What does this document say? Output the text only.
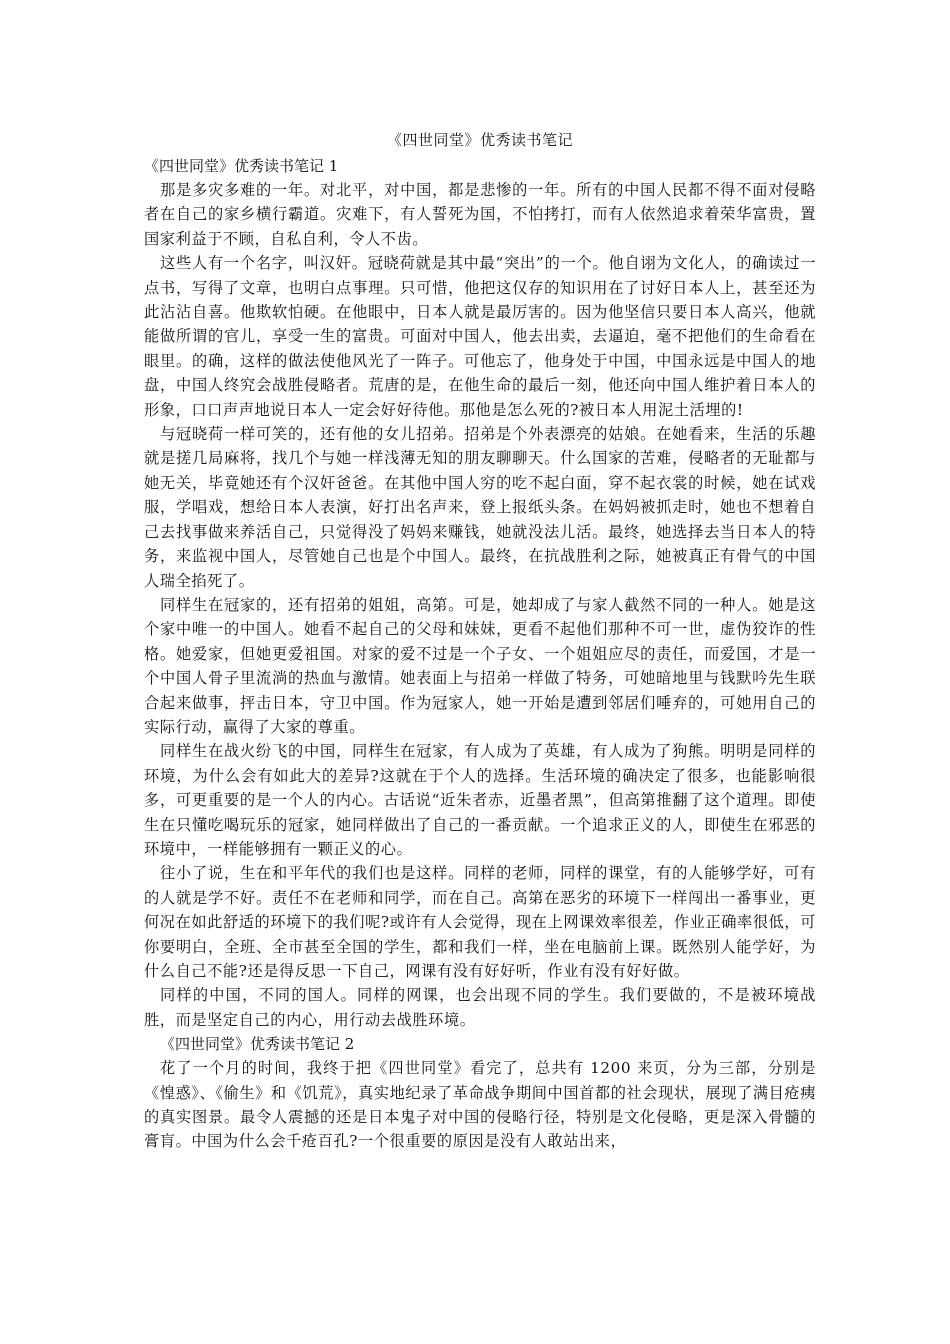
《四世同堂》优秀读书笔记
《四世同堂》优秀读书笔记 1

那是多灾多难的一年。对北平，对中国，都是悲惨的一年。所有的中国人民都不得不面对侵略者在自己的家乡横行霸道。灾难下，有人誓死为国，不怕拷打，而有人依然追求着荣华富贵，置国家利益于不顾，自私自利，令人不齿。

这些人有一个名字，叫汉奸。冠晓荷就是其中最“突出”的一个。他自诩为文化人，的确读过一点书，写得了文章，也明白点事理。只可惜，他把这仅存的知识用在了讨好日本人上，甚至还为此沾沾自喜。他欺软怕硬。在他眼中，日本人就是最厉害的。因为他坚信只要日本人高兴，他就能做所谓的官儿，享受一生的富贵。可面对中国人，他去出卖，去逼迫，毫不把他们的生命看在眼里。的确，这样的做法使他风光了一阵子。可他忘了，他身处于中国，中国永远是中国人的地盘，中国人终究会战胜侵略者。荒唐的是，在他生命的最后一刻，他还向中国人维护着日本人的形象，口口声声地说日本人一定会好好待他。那他是怎么死的?被日本人用泥土活埋的!

与冠晓荷一样可笑的，还有他的女儿招弟。招弟是个外表漂亮的姑娘。在她看来，生活的乐趣就是搓几局麻将，找几个与她一样浅薄无知的朋友聊聊天。什么国家的苦难，侵略者的无耻都与她无关，毕竟她还有个汉奸爸爸。在其他中国人穷的吃不起白面，穿不起衣裳的时候，她在试戏服，学唱戏，想给日本人表演，好打出名声来，登上报纸头条。在妈妈被抓走时，她也不想着自己去找事做来养活自己，只觉得没了妈妈来赚钱，她就没法儿活。最终，她选择去当日本人的特务，来监视中国人，尽管她自己也是个中国人。最终，在抗战胜利之际，她被真正有骨气的中国人瑞全掐死了。

同样生在冠家的，还有招弟的姐姐，高第。可是，她却成了与家人截然不同的一种人。她是这个家中唯一的中国人。她看不起自己的父母和妹妹，更看不起他们那种不可一世，虚伪狡诈的性格。她爱家，但她更爱祖国。对家的爱不过是一个子女、一个姐姐应尽的责任，而爱国，才是一个中国人骨子里流淌的热血与激情。她表面上与招弟一样做了特务，可她暗地里与钱默吟先生联合起来做事，抨击日本，守卫中国。作为冠家人，她一开始是遭到邻居们唾弃的，可她用自己的实际行动，赢得了大家的尊重。

同样生在战火纷飞的中国，同样生在冠家，有人成为了英雄，有人成为了狗熊。明明是同样的环境，为什么会有如此大的差异?这就在于个人的选择。生活环境的确决定了很多，也能影响很多，可更重要的是一个人的内心。古话说“近朱者赤，近墨者黑”，但高第推翻了这个道理。即使生在只懂吃喝玩乐的冠家，她同样做出了自己的一番贡献。一个追求正义的人，即使生在邪恶的环境中，一样能够拥有一颗正义的心。

往小了说，生在和平年代的我们也是这样。同样的老师，同样的课堂，有的人能够学好，可有的人就是学不好。责任不在老师和同学，而在自己。高第在恶劣的环境下一样闯出一番事业，更何况在如此舒适的环境下的我们呢?或许有人会觉得，现在上网课效率很差，作业正确率很低，可你要明白，全班、全市甚至全国的学生，都和我们一样，坐在电脑前上课。既然别人能学好，为什么自己不能?还是得反思一下自己，网课有没有好好听，作业有没有好好做。

同样的中国，不同的国人。同样的网课，也会出现不同的学生。我们要做的，不是被环境战胜，而是坚定自己的内心，用行动去战胜环境。

《四世同堂》优秀读书笔记 2

花了一个月的时间，我终于把《四世同堂》看完了，总共有 1200 来页，分为三部，分别是《惶惑》、《偷生》和《饥荒》，真实地纪录了革命战争期间中国首都的社会现状，展现了满目疮痍的真实图景。最令人震撼的还是日本鬼子对中国的侵略行径，特别是文化侵略，更是深入骨髓的膏肓。中国为什么会千疮百孔?一个很重要的原因是没有人敢站出来，
